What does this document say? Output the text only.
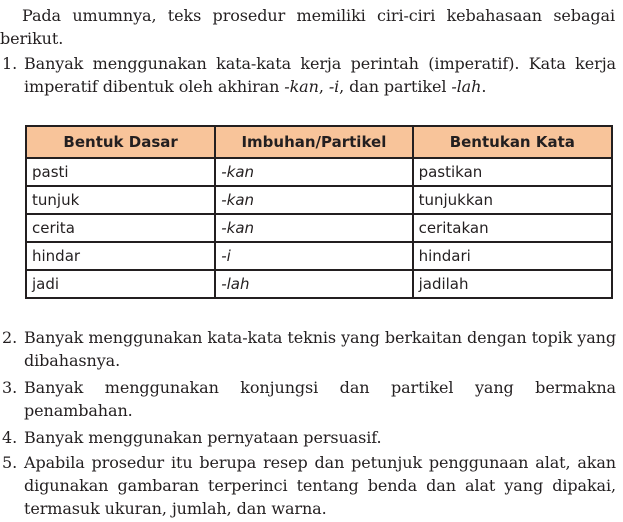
Pada umumnya, teks prosedur memiliki ciri-ciri kebahasaan sebagai berikut.

1. Banyak menggunakan kata-kata kerja perintah (imperatif). Kata kerja imperatif dibentuk oleh akhiran -kan, -i, dan partikel -lah.

Bentuk Dasar	Imbuhan/Partikel	Bentukan Kata
pasti	-kan	pastikan
tunjuk	-kan	tunjukkan
cerita	-kan	ceritakan
hindar	-i	hindari
jadi	-lah	jadilah

2. Banyak menggunakan kata-kata teknis yang berkaitan dengan topik yang dibahasnya.

3. Banyak menggunakan konjungsi dan partikel yang bermakna penambahan.

4. Banyak menggunakan pernyataan persuasif.

5. Apabila prosedur itu berupa resep dan petunjuk penggunaan alat, akan digunakan gambaran terperinci tentang benda dan alat yang dipakai, termasuk ukuran, jumlah, dan warna.
